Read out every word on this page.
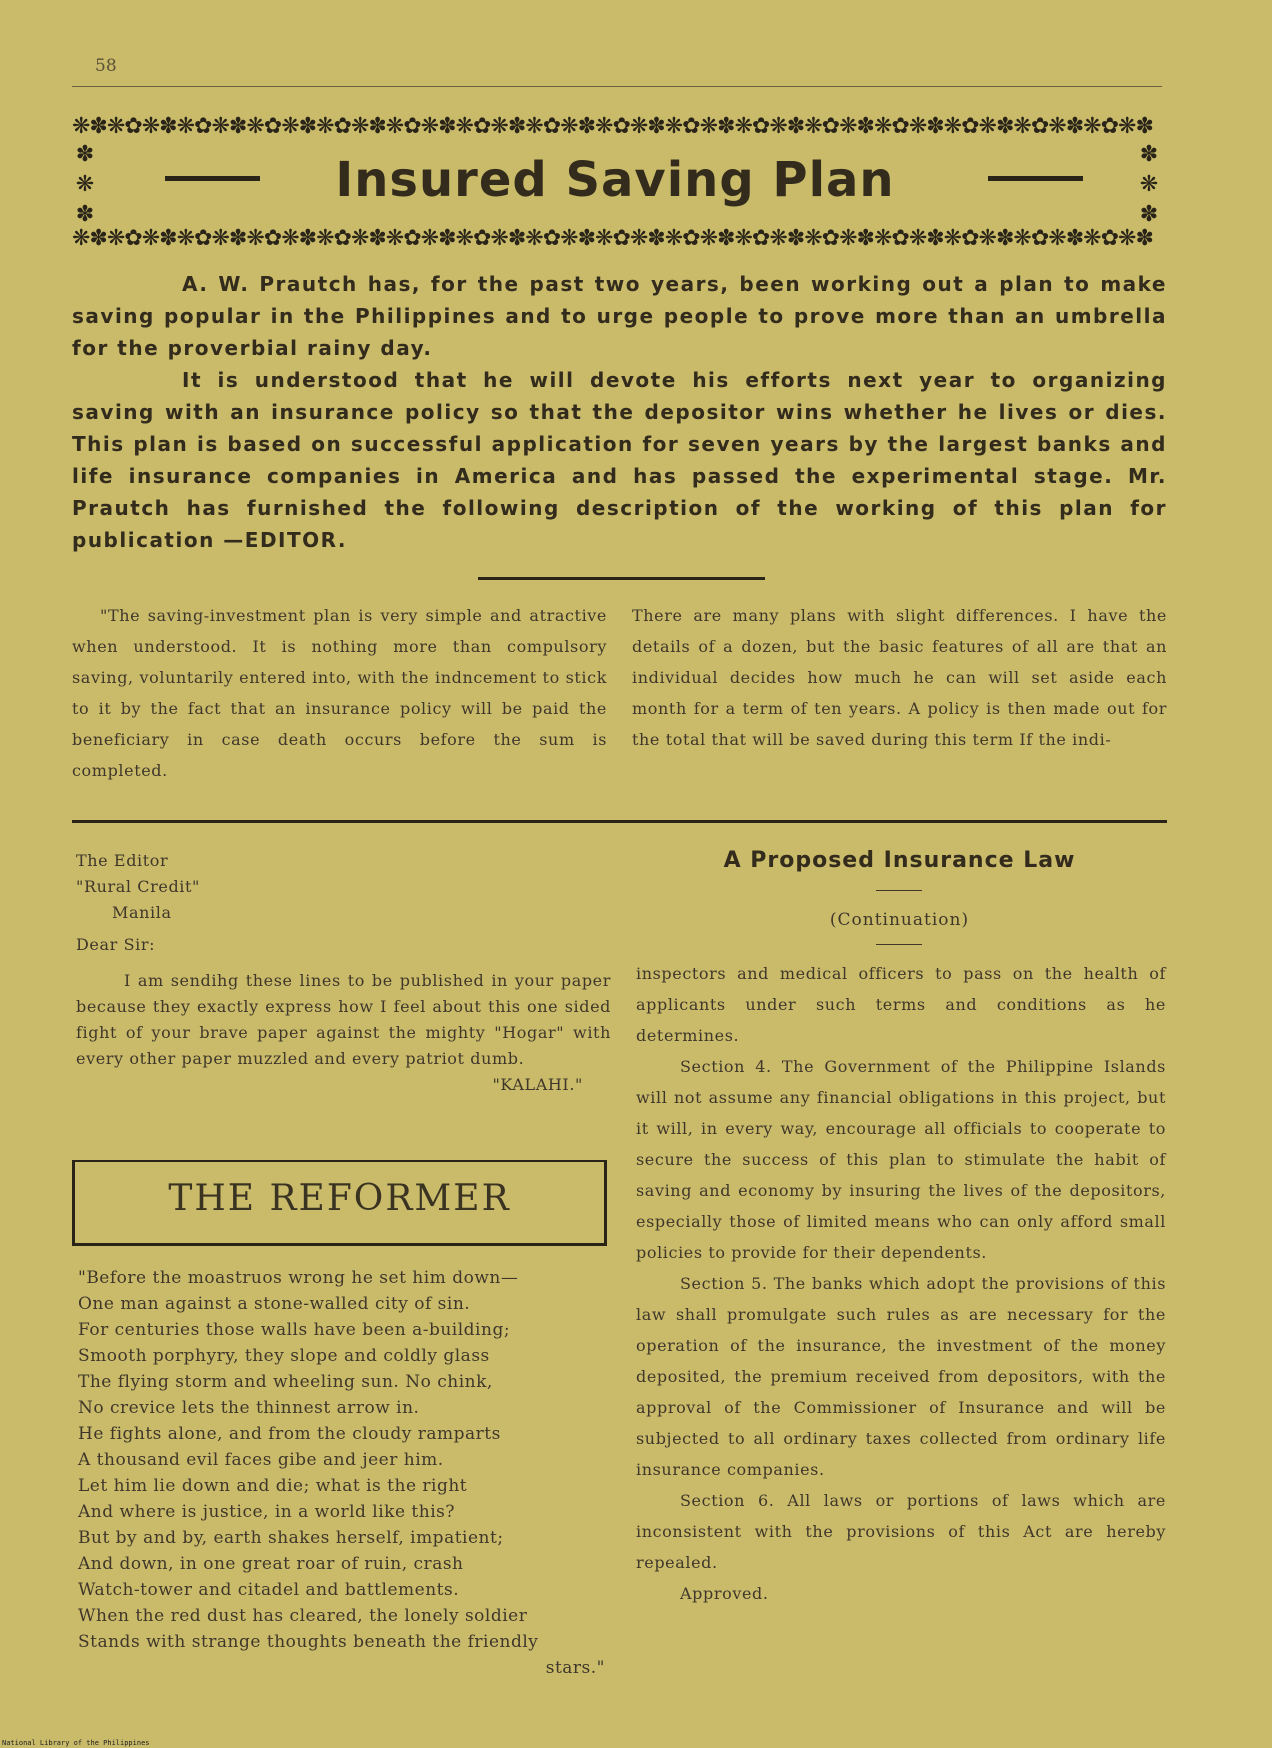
58
❋✽❋✿❋✽❋✿❋✽❋✿❋✽❋✿❋✽❋✿❋✽❋✿❋✽❋✿❋✽❋✿❋✽❋✿❋✽❋✿❋✽❋✿❋✽❋✿❋✽❋✿❋✽❋✿❋✽❋✿❋✽
✽ ❋ ✽
✽ ❋ ✽
Insured Saving Plan
❋✽❋✿❋✽❋✿❋✽❋✿❋✽❋✿❋✽❋✿❋✽❋✿❋✽❋✿❋✽❋✿❋✽❋✿❋✽❋✿❋✽❋✿❋✽❋✿❋✽❋✿❋✽❋✿❋✽❋✿❋✽

A. W. Prautch has, for the past two years, been working out a plan to make saving popular in the Philippines and to urge people to prove more than an umbrella for the proverbial rainy day.

It is understood that he will devote his efforts next year to organizing saving with an insurance policy so that the depositor wins whether he lives or dies. This plan is based on successful application for seven years by the largest banks and life insurance companies in America and has passed the experimental stage. Mr. Prautch has furnished the following description of the working of this plan for publication —EDITOR.

"The saving-investment plan is very simple and atractive when understood. It is nothing more than compulsory saving, voluntarily entered into, with the indncement to stick to it by the fact that an insurance policy will be paid the beneficiary in case death occurs before the sum is completed.

There are many plans with slight differences. I have the details of a dozen, but the basic features of all are that an individual decides how much he can will set aside each month for a term of ten years. A policy is then made out for the total that will be saved during this term If the indi-

The Editor
"Rural Credit"
Manila
Dear Sir:

I am sendihg these lines to be published in your paper because they exactly express how I feel about this one sided fight of your brave paper against the mighty "Hogar" with every other paper muzzled and every patriot dumb.

"KALAHI."
THE REFORMER
"Before the moastruos wrong he set him down—
One man against a stone-walled city of sin.
For centuries those walls have been a-building;
Smooth porphyry, they slope and coldly glass
The flying storm and wheeling sun. No chink,
No crevice lets the thinnest arrow in.
He fights alone, and from the cloudy ramparts
A thousand evil faces gibe and jeer him.
Let him lie down and die; what is the right
And where is justice, in a world like this?
But by and by, earth shakes herself, impatient;
And down, in one great roar of ruin, crash
Watch-tower and citadel and battlements.
When the red dust has cleared, the lonely soldier
Stands with strange thoughts beneath the friendly
stars."
A Proposed Insurance Law
(Continuation)

inspectors and medical officers to pass on the health of applicants under such terms and conditions as he determines.

Section 4. The Government of the Philippine Islands will not assume any financial obligations in this project, but it will, in every way, encourage all officials to cooperate to secure the success of this plan to stimulate the habit of saving and economy by insuring the lives of the depositors, especially those of limited means who can only afford small policies to provide for their dependents.

Section 5. The banks which adopt the provisions of this law shall promulgate such rules as are necessary for the operation of the insurance, the investment of the money deposited, the premium received from depositors, with the approval of the Commissioner of Insurance and will be subjected to all ordinary taxes collected from ordinary life insurance companies.

Section 6. All laws or portions of laws which are inconsistent with the provisions of this Act are hereby repealed.

Approved.

National Library of the Philippines
